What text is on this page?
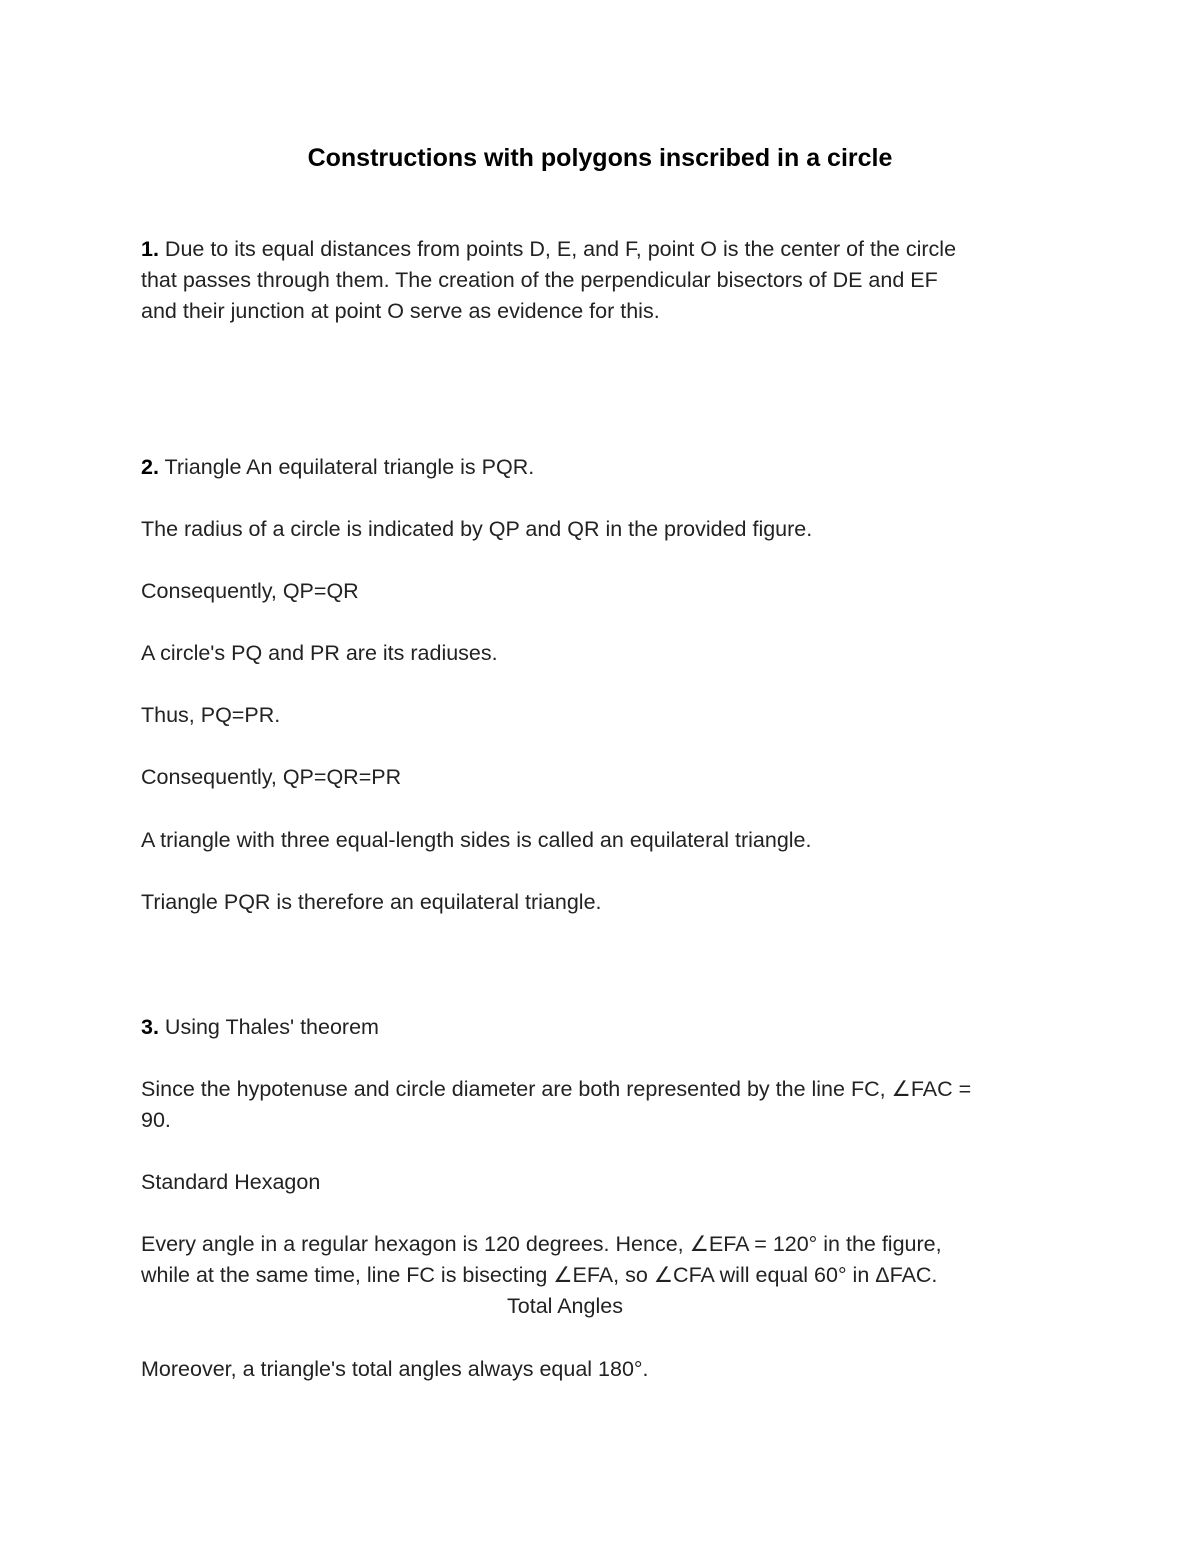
Constructions with polygons inscribed in a circle

1. Due to its equal distances from points D, E, and F, point O is the center of the circle

that passes through them. The creation of the perpendicular bisectors of DE and EF

and their junction at point O serve as evidence for this.

2. Triangle An equilateral triangle is PQR.

The radius of a circle is indicated by QP and QR in the provided figure.

Consequently, QP=QR

A circle's PQ and PR are its radiuses.

Thus, PQ=PR.

Consequently, QP=QR=PR

A triangle with three equal-length sides is called an equilateral triangle.

Triangle PQR is therefore an equilateral triangle.

3. Using Thales' theorem

Since the hypotenuse and circle diameter are both represented by the line FC, ∠FAC =

90.

Standard Hexagon

Every angle in a regular hexagon is 120 degrees. Hence, ∠EFA = 120° in the figure,

while at the same time, line FC is bisecting ∠EFA, so ∠CFA will equal 60° in ΔFAC.

Total Angles

Moreover, a triangle's total angles always equal 180°.
